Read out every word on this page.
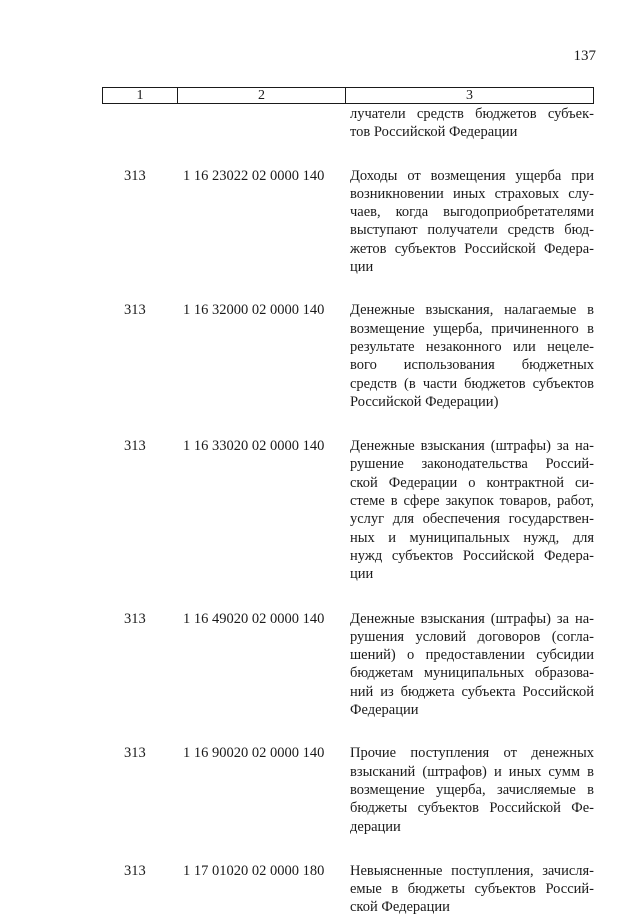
137
1	2	3
лучатели средств бюджетов субъек-
тов Российской Федерации
313	1 16 23022 02 0000 140	Доходы от возмещения ущерба при
возникновении иных страховых слу-
чаев, когда выгодоприобретателями
выступают получатели средств бюд-
жетов субъектов Российской Федера-
ции
313	1 16 32000 02 0000 140	Денежные взыскания, налагаемые в
возмещение ущерба, причиненного в
результате незаконного или нецеле-
вого использования бюджетных
средств (в части бюджетов субъектов
Российской Федерации)
313	1 16 33020 02 0000 140	Денежные взыскания (штрафы) за на-
рушение законодательства Россий-
ской Федерации о контрактной си-
стеме в сфере закупок товаров, работ,
услуг для обеспечения государствен-
ных и муниципальных нужд, для
нужд субъектов Российской Федера-
ции
313	1 16 49020 02 0000 140	Денежные взыскания (штрафы) за на-
рушения условий договоров (согла-
шений) о предоставлении субсидии
бюджетам муниципальных образова-
ний из бюджета субъекта Российской
Федерации
313	1 16 90020 02 0000 140	Прочие поступления от денежных
взысканий (штрафов) и иных сумм в
возмещение ущерба, зачисляемые в
бюджеты субъектов Российской Фе-
дерации
313	1 17 01020 02 0000 180	Невыясненные поступления, зачисля-
емые в бюджеты субъектов Россий-
ской Федерации
